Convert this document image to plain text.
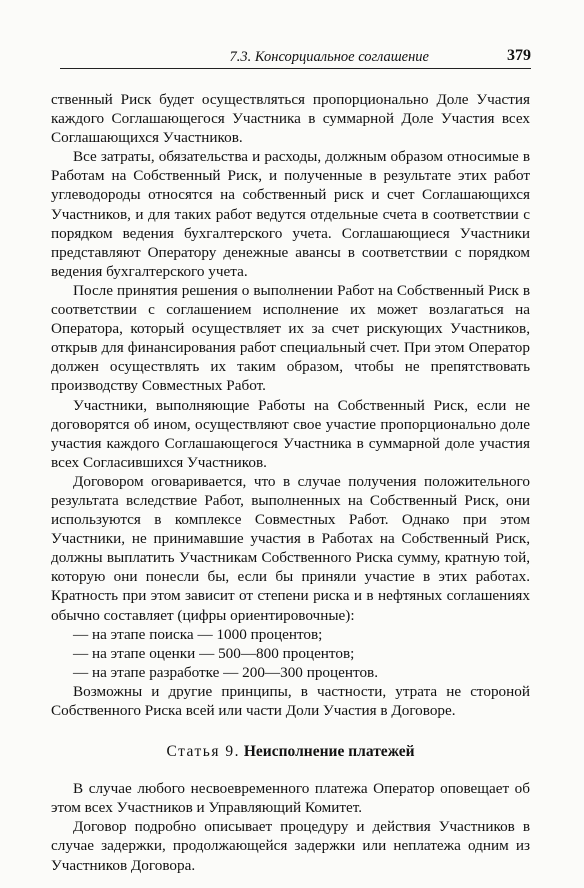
7.3. Консорциальное соглашение	379

ственный Риск будет осуществляться пропорционально Доле Участия каждого Соглашающегося Участника в суммарной Доле Участия всех Соглашающихся Участников.

Все затраты, обязательства и расходы, должным образом относимые в Работам на Собственный Риск, и полученные в результате этих работ углеводороды относятся на собственный риск и счет Соглашающихся Участников, и для таких работ ведутся отдельные счета в соответствии с порядком ведения бухгалтерского учета. Соглашающиеся Участники представляют Оператору денежные авансы в соответствии с порядком ведения бухгалтерского учета.

После принятия решения о выполнении Работ на Собственный Риск в соответствии с соглашением исполнение их может возлагаться на Оператора, который осуществляет их за счет рискующих Участников, открыв для финансирования работ специальный счет. При этом Оператор должен осуществлять их таким образом, чтобы не препятствовать производству Совместных Работ.

Участники, выполняющие Работы на Собственный Риск, если не договорятся об ином, осуществляют свое участие пропорционально доле участия каждого Соглашающегося Участника в суммарной доле участия всех Согласившихся Участников.

Договором оговаривается, что в случае получения положительного результата вследствие Работ, выполненных на Собственный Риск, они используются в комплексе Совместных Работ. Однако при этом Участники, не принимавшие участия в Работах на Собственный Риск, должны выплатить Участникам Собственного Риска сумму, кратную той, которую они понесли бы, если бы приняли участие в этих работах. Кратность при этом зависит от степени риска и в нефтяных соглашениях обычно составляет (цифры ориентировочные):

— на этапе поиска — 1000 процентов;
— на этапе оценки — 500—800 процентов;
— на этапе разработке — 200—300 процентов.

Возможны и другие принципы, в частности, утрата не стороной Собственного Риска всей или части Доли Участия в Договоре.

Статья 9. Неисполнение платежей

В случае любого несвоевременного платежа Оператор оповещает об этом всех Участников и Управляющий Комитет.

Договор подробно описывает процедуру и действия Участников в случае задержки, продолжающейся задержки или неплатежа одним из Участников Договора.
